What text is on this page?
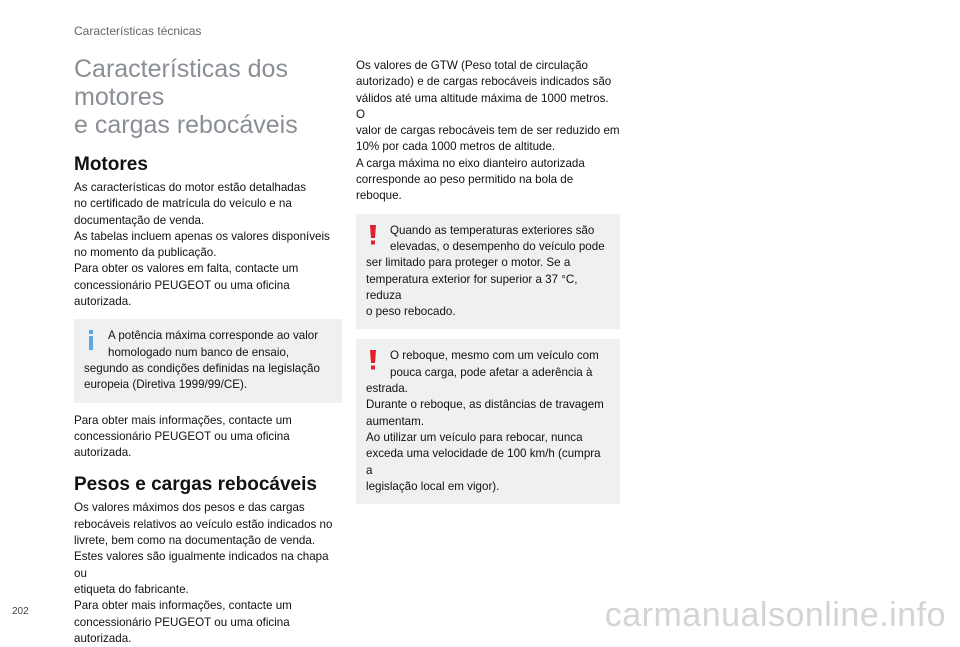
Características técnicas
Características dos motores
e cargas rebocáveis
Motores

As características do motor estão detalhadas
no certificado de matrícula do veículo e na
documentação de venda.
As tabelas incluem apenas os valores disponíveis
no momento da publicação.
Para obter os valores em falta, contacte um
concessionário PEUGEOT ou uma oficina
autorizada.

A potência máxima corresponde ao valor
homologado num banco de ensaio,
segundo as condições definidas na legislação
europeia (Diretiva 1999/99/CE).

Para obter mais informações, contacte um
concessionário PEUGEOT ou uma oficina
autorizada.

Pesos e cargas rebocáveis

Os valores máximos dos pesos e das cargas
rebocáveis relativos ao veículo estão indicados no
livrete, bem como na documentação de venda.
Estes valores são igualmente indicados na chapa ou
etiqueta do fabricante.
Para obter mais informações, contacte um
concessionário PEUGEOT ou uma oficina
autorizada.

Os valores de GTW (Peso total de circulação
autorizado) e de cargas rebocáveis indicados são
válidos até uma altitude máxima de 1000 metros. O
valor de cargas rebocáveis tem de ser reduzido em
10% por cada 1000 metros de altitude.
A carga máxima no eixo dianteiro autorizada
corresponde ao peso permitido na bola de reboque.

Quando as temperaturas exteriores são
elevadas, o desempenho do veículo pode
ser limitado para proteger o motor. Se a
temperatura exterior for superior a 37 °C, reduza
o peso rebocado.

O reboque, mesmo com um veículo com
pouca carga, pode afetar a aderência à
estrada.
Durante o reboque, as distâncias de travagem
aumentam.
Ao utilizar um veículo para rebocar, nunca
exceda uma velocidade de 100 km/h (cumpra a
legislação local em vigor).

202	carmanualsonline.info
